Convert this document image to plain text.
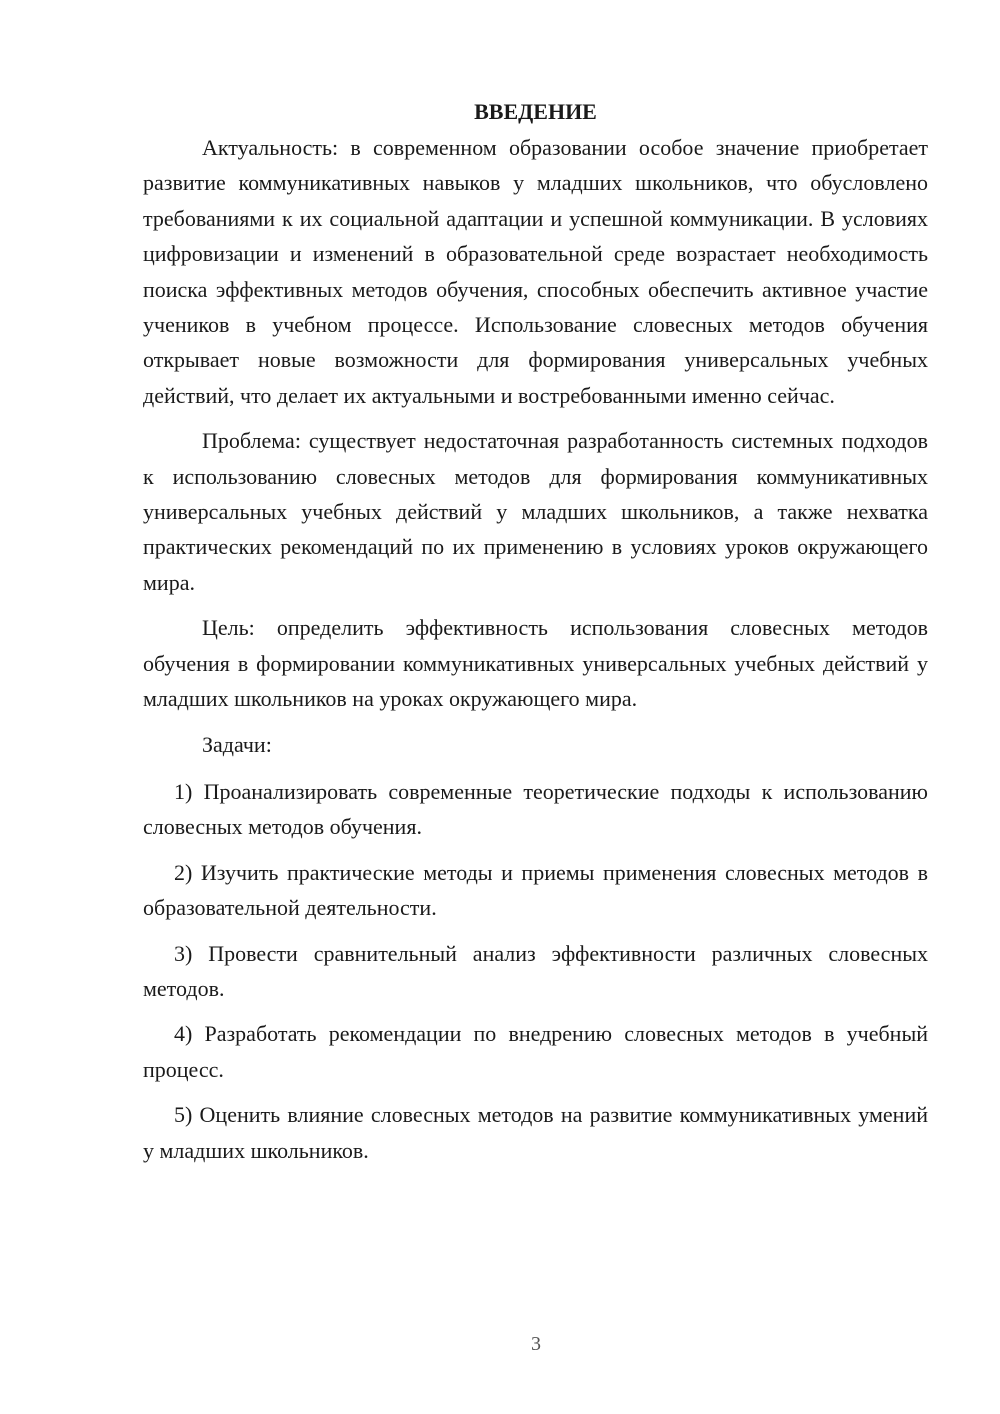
ВВЕДЕНИЕ

Актуальность: в современном образовании особое значение приобретает развитие коммуникативных навыков у младших школьников, что обусловлено требованиями к их социальной адаптации и успешной коммуникации. В условиях цифровизации и изменений в образовательной среде возрастает необходимость поиска эффективных методов обучения, способных обеспечить активное участие учеников в учебном процессе. Использование словесных методов обучения открывает новые возможности для формирования универсальных учебных действий, что делает их актуальными и востребованными именно сейчас.

Проблема: существует недостаточная разработанность системных подходов к использованию словесных методов для формирования коммуникативных универсальных учебных действий у младших школьников, а также нехватка практических рекомендаций по их применению в условиях уроков окружающего мира.

Цель: определить эффективность использования словесных методов обучения в формировании коммуникативных универсальных учебных действий у младших школьников на уроках окружающего мира.

Задачи:

1) Проанализировать современные теоретические подходы к использованию словесных методов обучения.

2) Изучить практические методы и приемы применения словесных методов в образовательной деятельности.

3) Провести сравнительный анализ эффективности различных словесных методов.

4) Разработать рекомендации по внедрению словесных методов в учебный процесс.

5) Оценить влияние словесных методов на развитие коммуникативных умений у младших школьников.

3
